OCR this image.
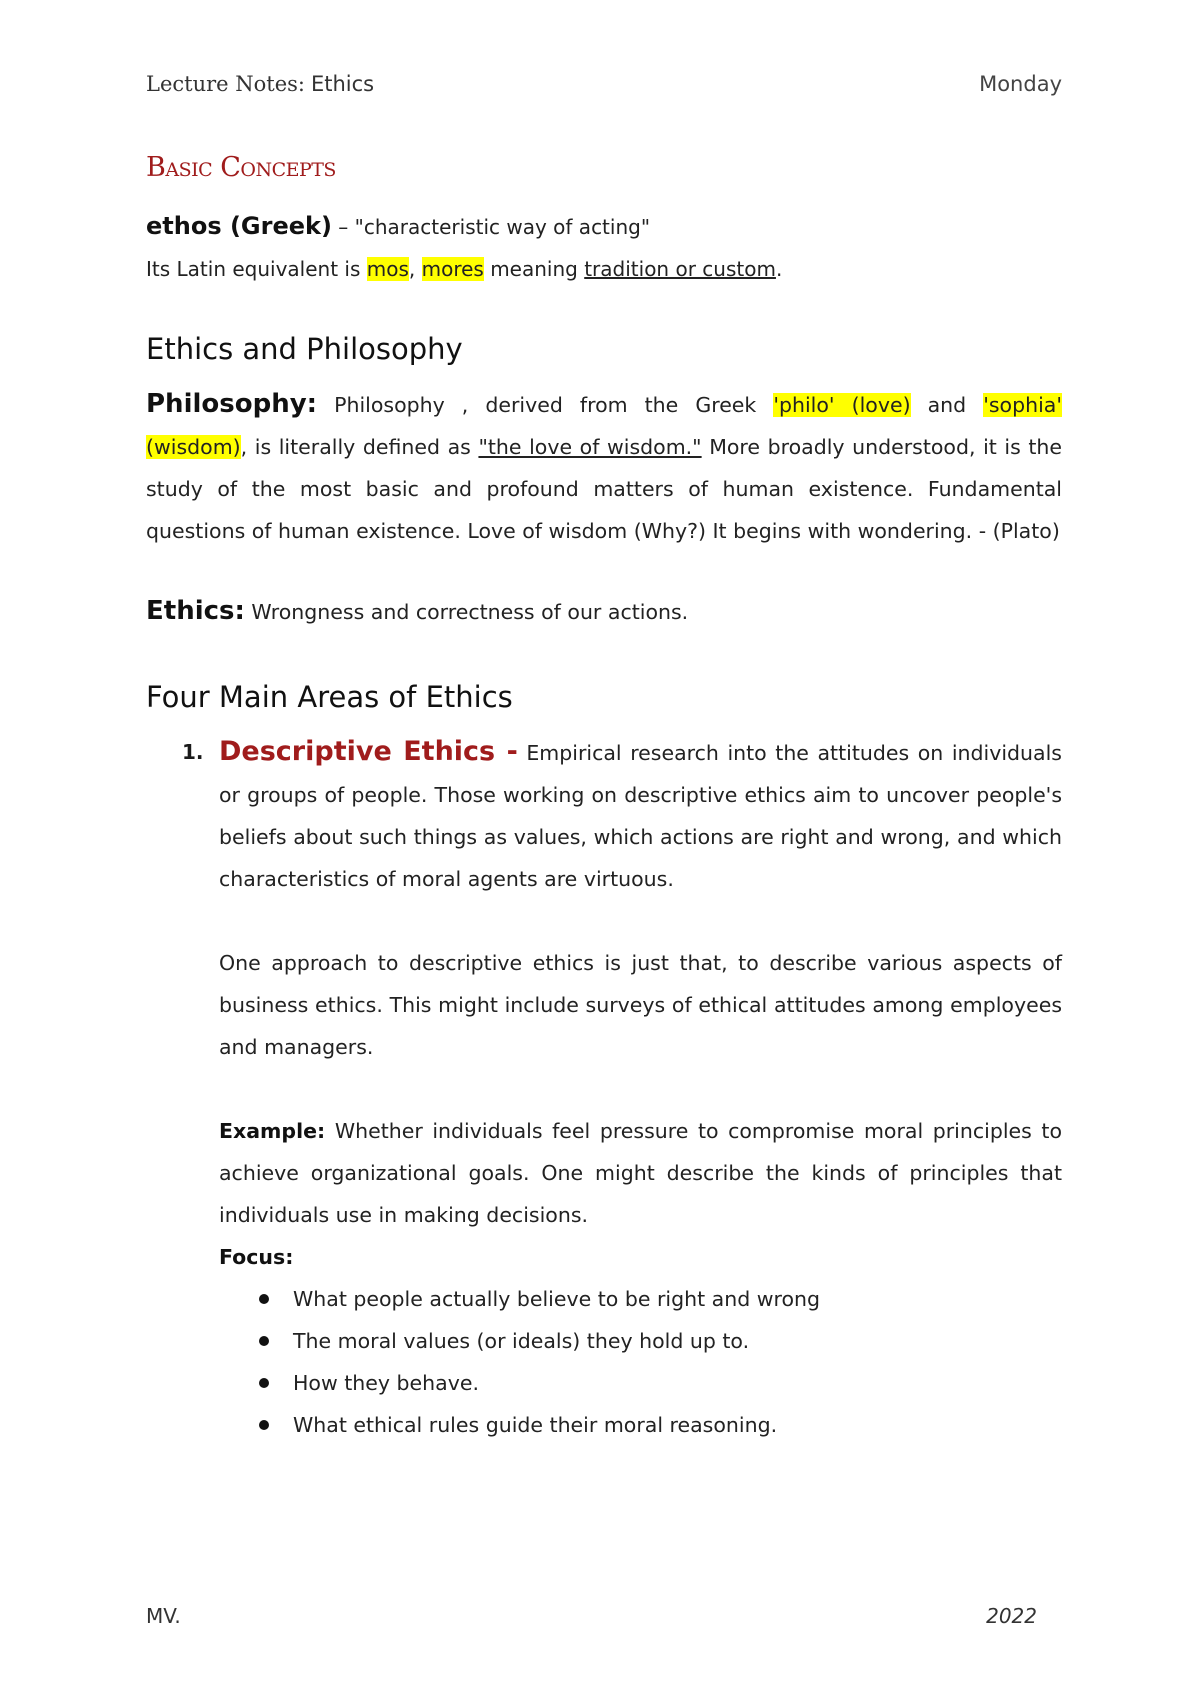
Lecture Notes: Ethics	Monday
Basic Concepts

ethos (Greek) – "characteristic way of acting"

Its Latin equivalent is mos, mores meaning tradition or custom.

Ethics and Philosophy

Philosophy: Philosophy , derived from the Greek 'philo' (love) and 'sophia' (wisdom), is literally defined as "the love of wisdom." More broadly understood, it is the study of the most basic and profound matters of human existence. Fundamental questions of human existence. Love of wisdom (Why?) It begins with wondering. - (Plato)

Ethics: Wrongness and correctness of our actions.

Four Main Areas of Ethics
1. Descriptive Ethics - Empirical research into the attitudes on individuals or groups of people. Those working on descriptive ethics aim to uncover people's beliefs about such things as values, which actions are right and wrong, and which characteristics of moral agents are virtuous.

One approach to descriptive ethics is just that, to describe various aspects of business ethics. This might include surveys of ethical attitudes among employees and managers.

Example: Whether individuals feel pressure to compromise moral principles to achieve organizational goals. One might describe the kinds of principles that individuals use in making decisions.

Focus:

What people actually believe to be right and wrong
The moral values (or ideals) they hold up to.
How they behave.
What ethical rules guide their moral reasoning.
MV.	2022
